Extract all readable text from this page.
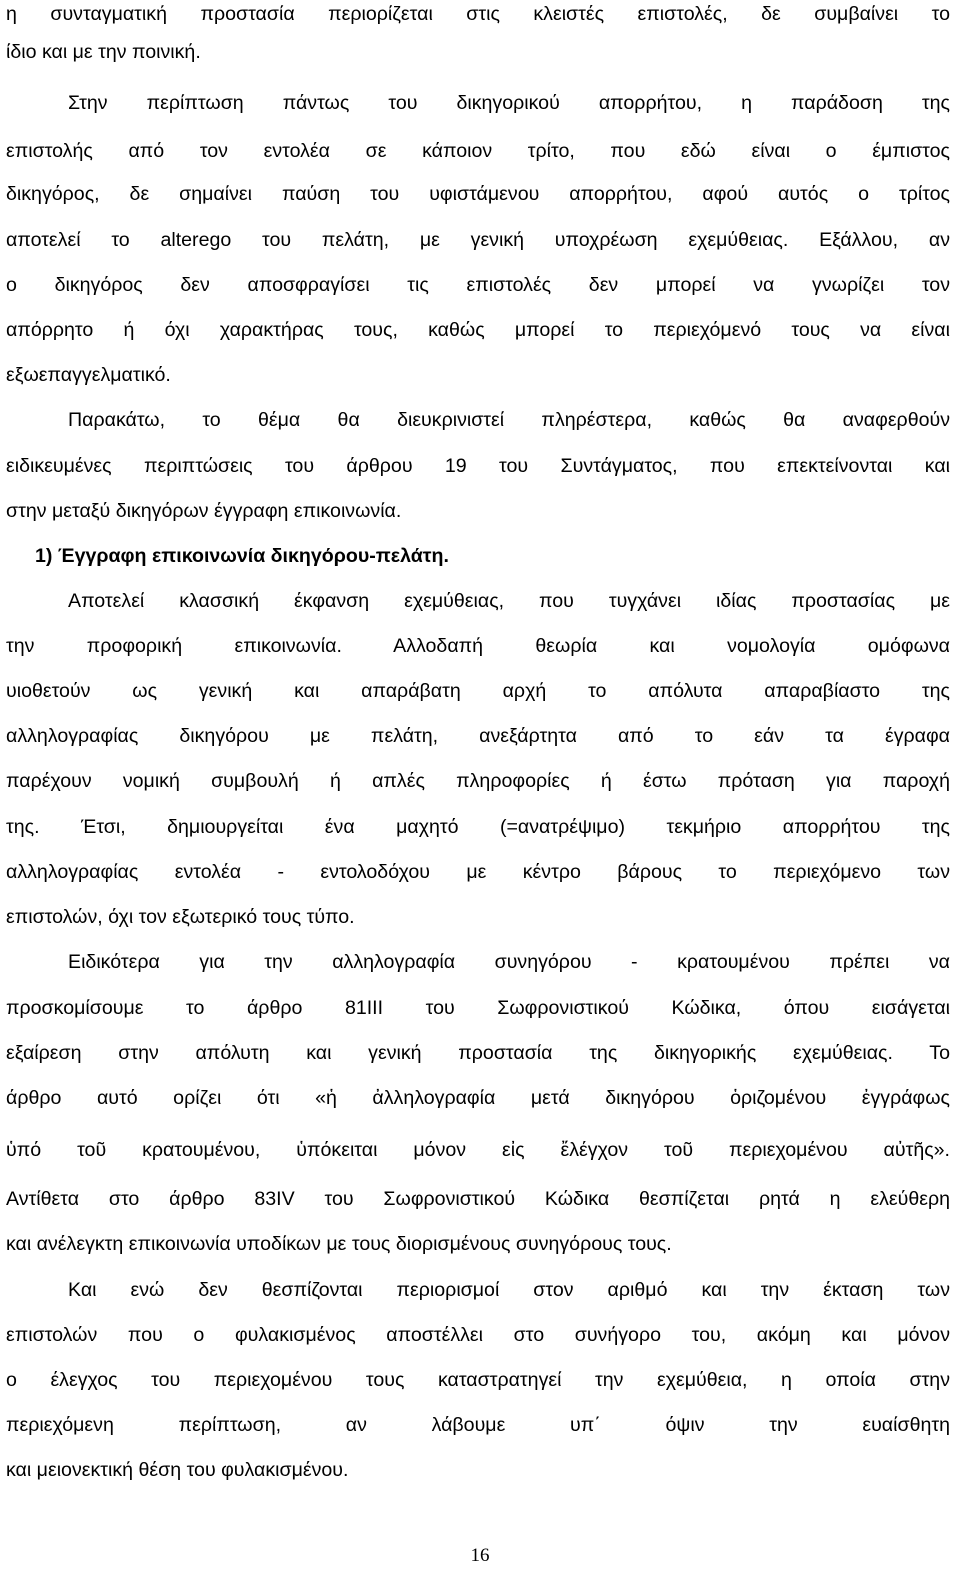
η συνταγματική προστασία περιορίζεται στις κλειστές επιστολές, δε συμβαίνει το
ίδιο και με την ποινική.
Στην περίπτωση πάντως του δικηγορικού απορρήτου, η παράδοση της
επιστολής από τον εντολέα σε κάποιον τρίτο, που εδώ είναι ο έμπιστος
δικηγόρος, δε σημαίνει παύση του υφιστάμενου απορρήτου, αφού αυτός ο τρίτος
αποτελεί το alterego του πελάτη, με γενική υποχρέωση εχεμύθειας. Εξάλλου, αν
ο δικηγόρος δεν αποσφραγίσει τις επιστολές δεν μπορεί να γνωρίζει τον
απόρρητο ή όχι χαρακτήρας τους, καθώς μπορεί το περιεχόμενό τους να είναι
εξωεπαγγελματικό.
Παρακάτω, το θέμα θα διευκρινιστεί πληρέστερα, καθώς θα αναφερθούν
ειδικευμένες περιπτώσεις του άρθρου 19 του Συντάγματος, που επεκτείνονται και
στην μεταξύ δικηγόρων έγγραφη επικοινωνία.
1) Έγγραφη επικοινωνία δικηγόρου-πελάτη.
Αποτελεί κλασσική έκφανση εχεμύθειας, που τυγχάνει ιδίας προστασίας με
την προφορική επικοινωνία. Αλλοδαπή θεωρία και νομολογία ομόφωνα
υιοθετούν ως γενική και απαράβατη αρχή το απόλυτα απαραβίαστο της
αλληλογραφίας δικηγόρου με πελάτη, ανεξάρτητα από το εάν τα έγραφα
παρέχουν νομική συμβουλή ή απλές πληροφορίες ή έστω πρόταση για παροχή
της. Έτσι, δημιουργείται ένα μαχητό (=ανατρέψιμο) τεκμήριο απορρήτου της
αλληλογραφίας εντολέα - εντολοδόχου με κέντρο βάρους το περιεχόμενο των
επιστολών, όχι τον εξωτερικό τους τύπο.
Ειδικότερα για την αλληλογραφία συνηγόρου - κρατουμένου πρέπει να
προσκομίσουμε το άρθρο 81III του Σωφρονιστικού Κώδικα, όπου εισάγεται
εξαίρεση στην απόλυτη και γενική προστασία της δικηγορικής εχεμύθειας. Το
άρθρο αυτό ορίζει ότι «ἡ ἀλληλογραφία μετά δικηγόρου ὁριζομένου ἐγγράφως
ὑπό τοῦ κρατουμένου, ὑπόκειται μόνον εἰς ἔλέγχον τοῦ περιεχομένου αὐτῆς».
Αντίθετα στο άρθρο 83IV του Σωφρονιστικού Κώδικα θεσπίζεται ρητά η ελεύθερη
και ανέλεγκτη επικοινωνία υποδίκων με τους διορισμένους συνηγόρους τους.
Και ενώ δεν θεσπίζονται περιορισμοί στον αριθμό και την έκταση των
επιστολών που ο φυλακισμένος αποστέλλει στο συνήγορο του, ακόμη και μόνον
ο έλεγχος του περιεχομένου τους καταστρατηγεί την εχεμύθεια, η οποία στην
περιεχόμενη περίπτωση, αν λάβουμε υπ΄ όψιν την ευαίσθητη
και μειονεκτική θέση του φυλακισμένου.
16
